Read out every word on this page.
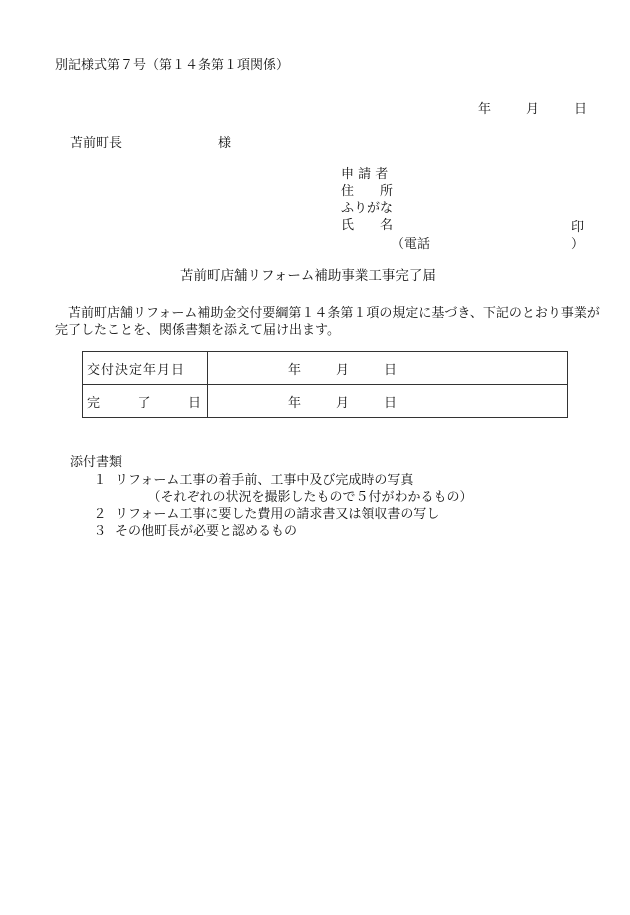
別記様式第７号（第１４条第１項関係）
年	月	日
苫前町長	様
申 請 者
住　　所
ふりがな
氏　　名	印
（電話	）
苫前町店舗リフォーム補助事業工事完了届
苫前町店舗リフォーム補助金交付要綱第１４条第１項の規定に基づき、下記のとおり事業が完了したことを、関係書類を添えて届け出ます。
交付決定年月日	年 月 日

完 了 日	年 月 日
添付書類
１ リフォーム工事の着手前、工事中及び完成時の写真
　　　（それぞれの状況を撮影したもので５付がわかるもの）
２ リフォーム工事に要した費用の請求書又は領収書の写し
３ その他町長が必要と認めるもの
